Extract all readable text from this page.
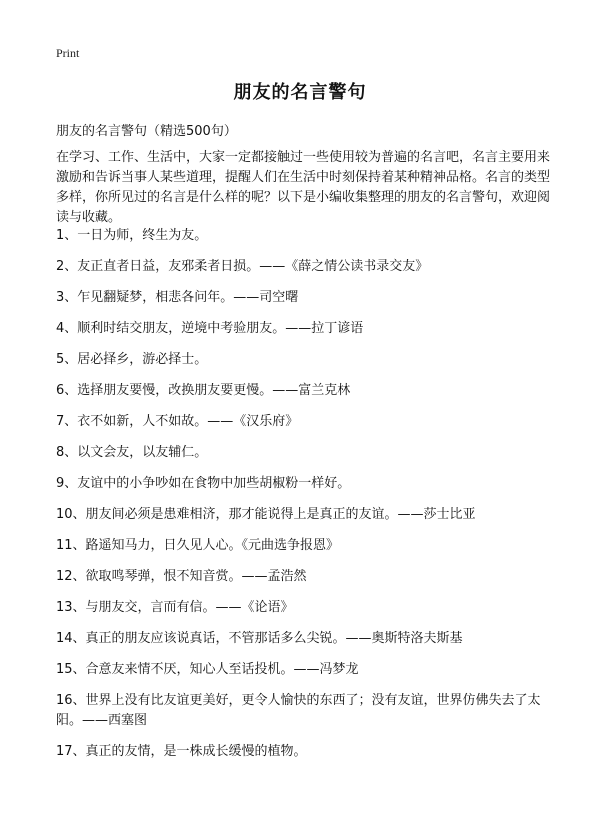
Print
朋友的名言警句
朋友的名言警句（精选500句）

在学习、工作、生活中，大家一定都接触过一些使用较为普遍的名言吧，名言主要用来激励和告诉当事人某些道理，提醒人们在生活中时刻保持着某种精神品格。名言的类型多样，你所见过的名言是什么样的呢？以下是小编收集整理的朋友的名言警句，欢迎阅读与收藏。

1、一日为师，终生为友。
2、友正直者日益，友邪柔者日损。——《薛之情公读书录交友》
3、乍见翻疑梦，相悲各问年。——司空曙
4、顺利时结交朋友，逆境中考验朋友。——拉丁谚语
5、居必择乡，游必择士。
6、选择朋友要慢，改换朋友要更慢。——富兰克林
7、衣不如新，人不如故。——《汉乐府》
8、以文会友，以友辅仁。
9、友谊中的小争吵如在食物中加些胡椒粉一样好。
10、朋友间必须是患难相济，那才能说得上是真正的友谊。——莎士比亚
11、路遥知马力，日久见人心。《元曲选争报恩》
12、欲取鸣琴弹，恨不知音赏。——孟浩然
13、与朋友交，言而有信。——《论语》
14、真正的朋友应该说真话，不管那话多么尖锐。——奥斯特洛夫斯基
15、合意友来情不厌，知心人至话投机。——冯梦龙
16、世界上没有比友谊更美好，更令人愉快的东西了；没有友谊，世界仿佛失去了太阳。——西塞图
17、真正的友情，是一株成长缓慢的植物。
